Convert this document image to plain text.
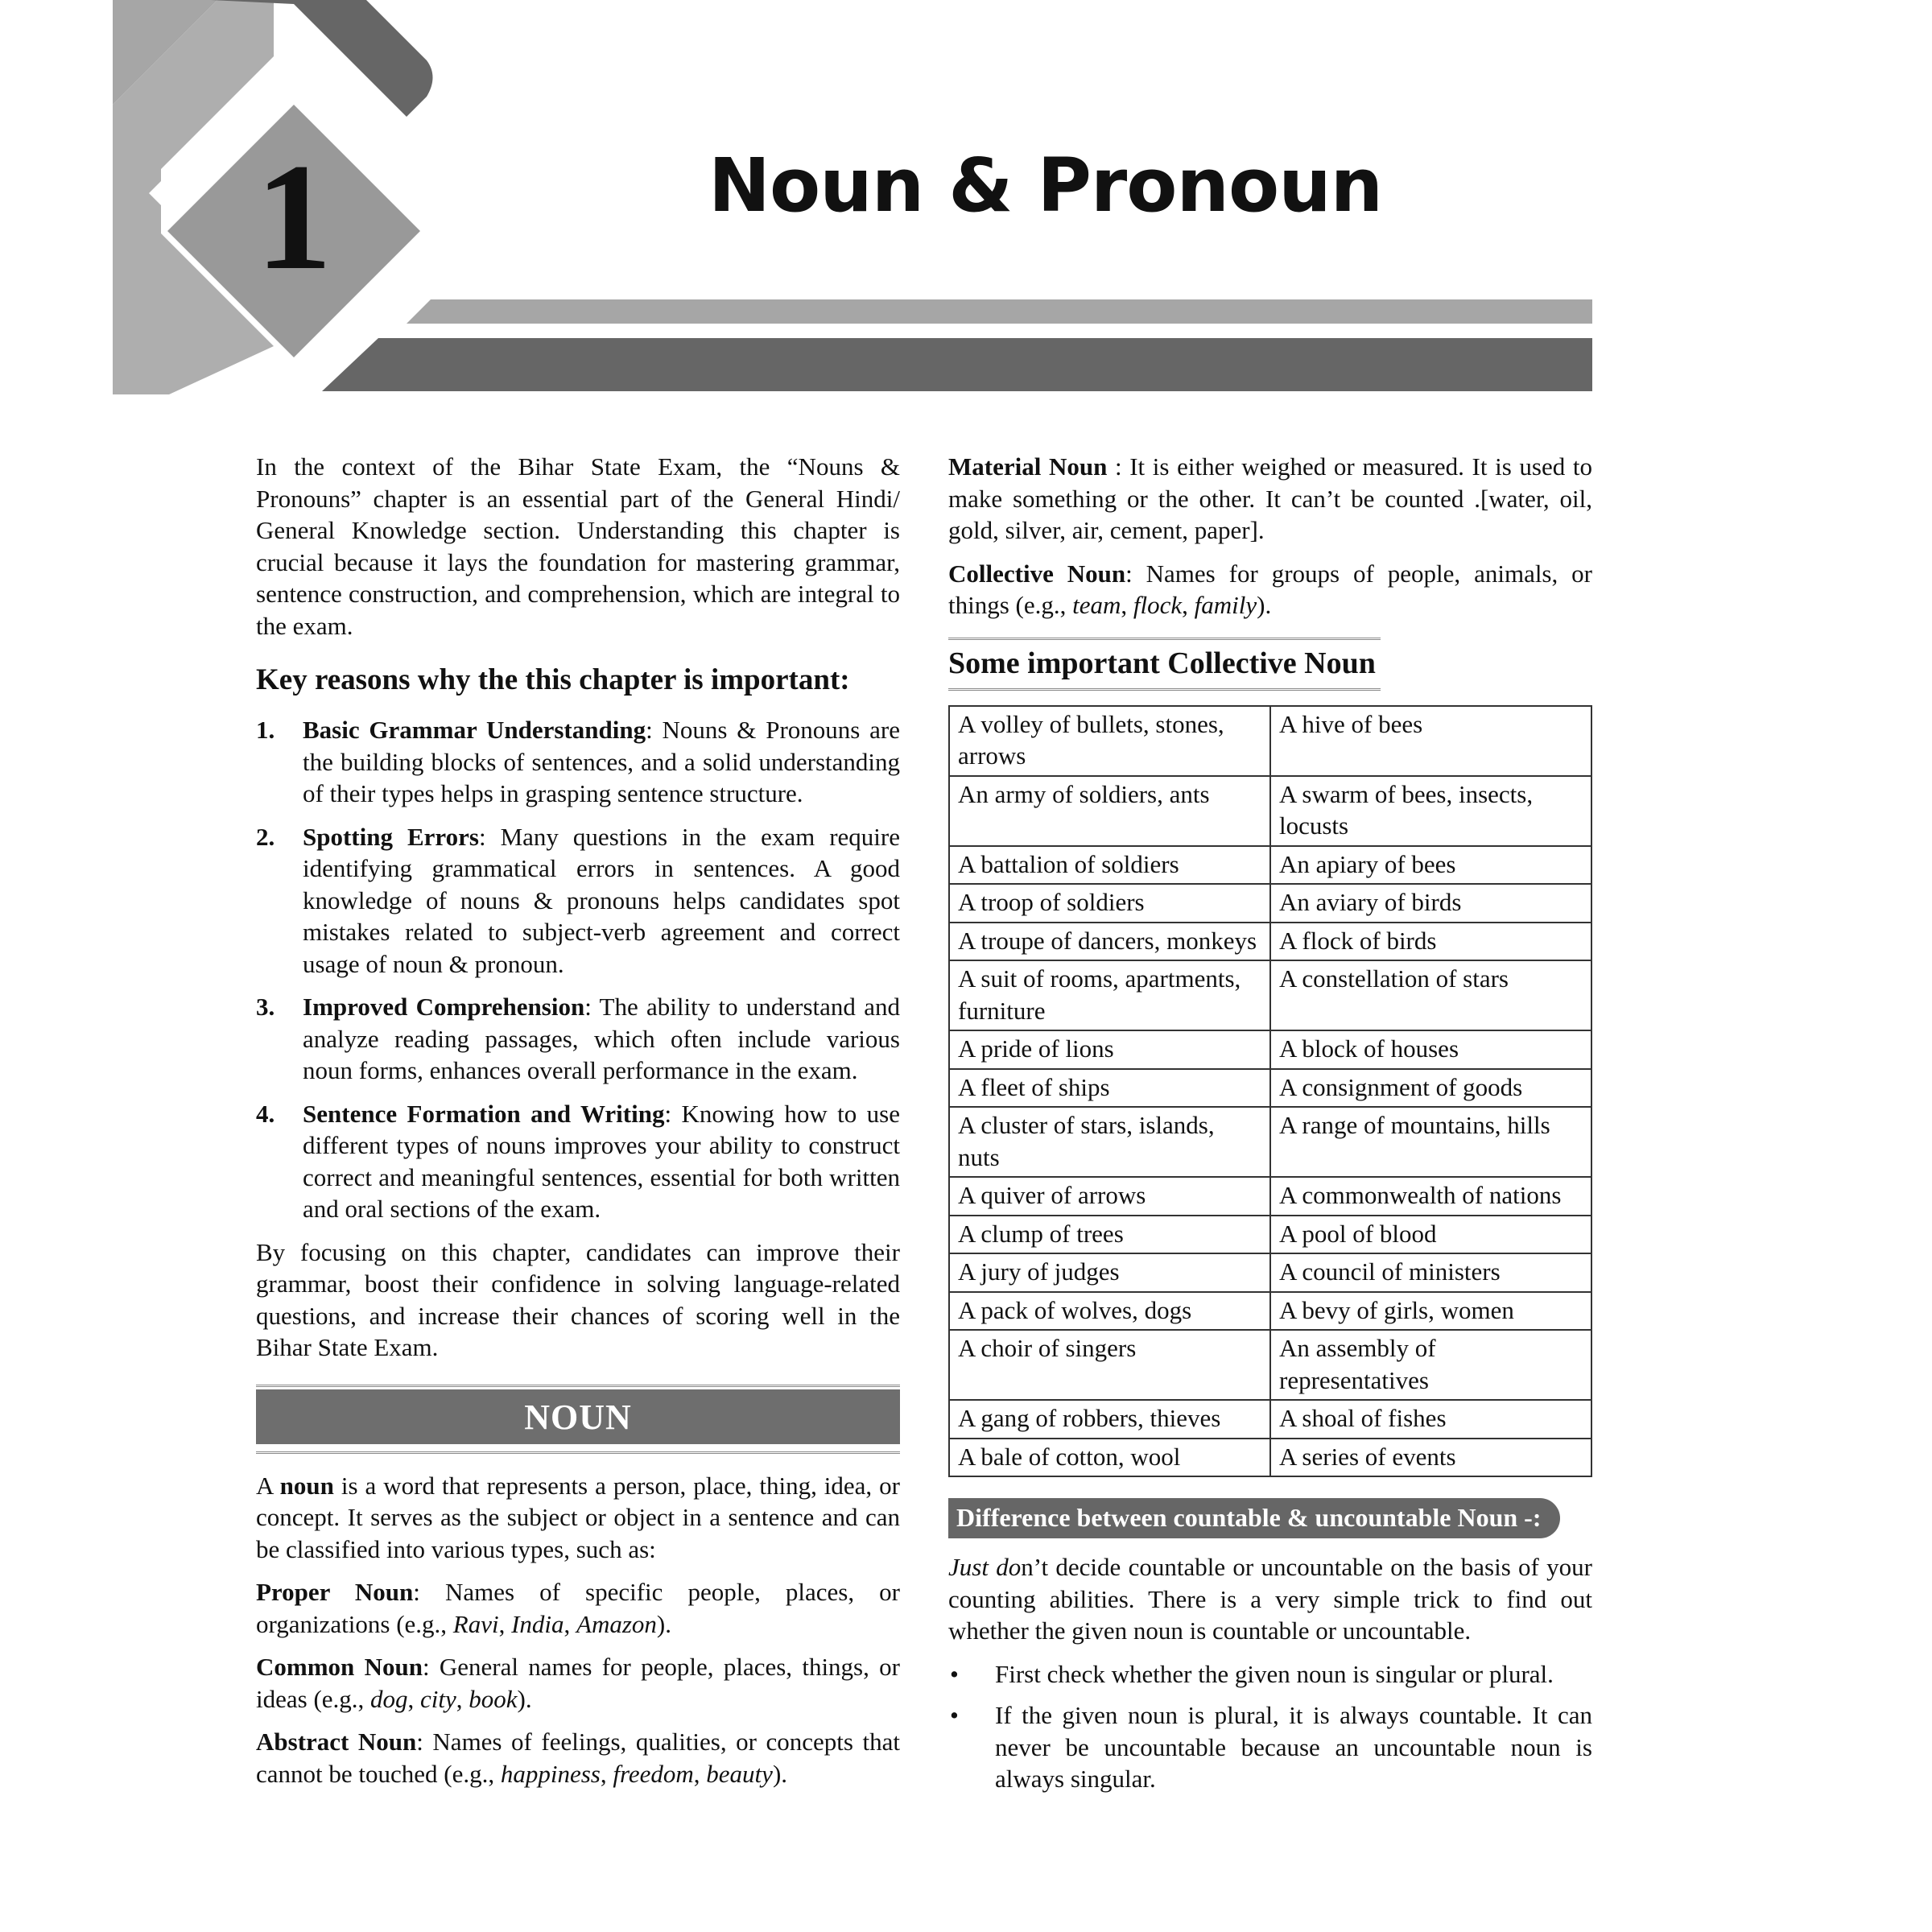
1	Noun & Pronoun

In the context of the Bihar State Exam, the “Nouns & Pronouns” chapter is an essential part of the General Hindi/ General Knowledge section. Understanding this chapter is crucial because it lays the foundation for mastering grammar, sentence construction, and comprehension, which are integral to the exam.

Key reasons why the this chapter is important:
1. Basic Grammar Understanding: Nouns & Pronouns are the building blocks of sentences, and a solid understanding of their types helps in grasping sentence structure.
2. Spotting Errors: Many questions in the exam require identifying grammatical errors in sentences. A good knowledge of nouns & pronouns helps candidates spot mistakes related to subject-verb agreement and correct usage of noun & pronoun.
3. Improved Comprehension: The ability to understand and analyze reading passages, which often include various noun forms, enhances overall performance in the exam.
4. Sentence Formation and Writing: Knowing how to use different types of nouns improves your ability to construct correct and meaningful sentences, essential for both written and oral sections of the exam.

By focusing on this chapter, candidates can improve their grammar, boost their confidence in solving language-related questions, and increase their chances of scoring well in the Bihar State Exam.

NOUN

A noun is a word that represents a person, place, thing, idea, or concept. It serves as the subject or object in a sentence and can be classified into various types, such as:

Proper Noun: Names of specific people, places, or organizations (e.g., Ravi, India, Amazon).

Common Noun: General names for people, places, things, or ideas (e.g., dog, city, book).

Abstract Noun: Names of feelings, qualities, or concepts that cannot be touched (e.g., happiness, freedom, beauty).

Material Noun : It is either weighed or measured. It is used to make something or the other. It can’t be counted .[water, oil, gold, silver, air, cement, paper].

Collective Noun: Names for groups of people, animals, or things (e.g., team, flock, family).

Some important Collective Noun
A volley of bullets, stones, arrows	A hive of bees
An army of soldiers, ants	A swarm of bees, insects, locusts
A battalion of soldiers	An apiary of bees
A troop of soldiers	An aviary of birds
A troupe of dancers, monkeys	A flock of birds
A suit of rooms, apartments, furniture	A constellation of stars
A pride of lions	A block of houses
A fleet of ships	A consignment of goods
A cluster of stars, islands, nuts	A range of mountains, hills
A quiver of arrows	A commonwealth of nations
A clump of trees	A pool of blood
A jury of judges	A council of ministers
A pack of wolves, dogs	A bevy of girls, women
A choir of singers	An assembly of representatives
A gang of robbers, thieves	A shoal of fishes
A bale of cotton, wool	A series of events
Difference between countable & uncountable Noun -:

Just don’t decide countable or uncountable on the basis of your counting abilities. There is a very simple trick to find out whether the given noun is countable or uncountable.

• First check whether the given noun is singular or plural.
• If the given noun is plural, it is always countable. It can never be uncountable because an uncountable noun is always singular.
